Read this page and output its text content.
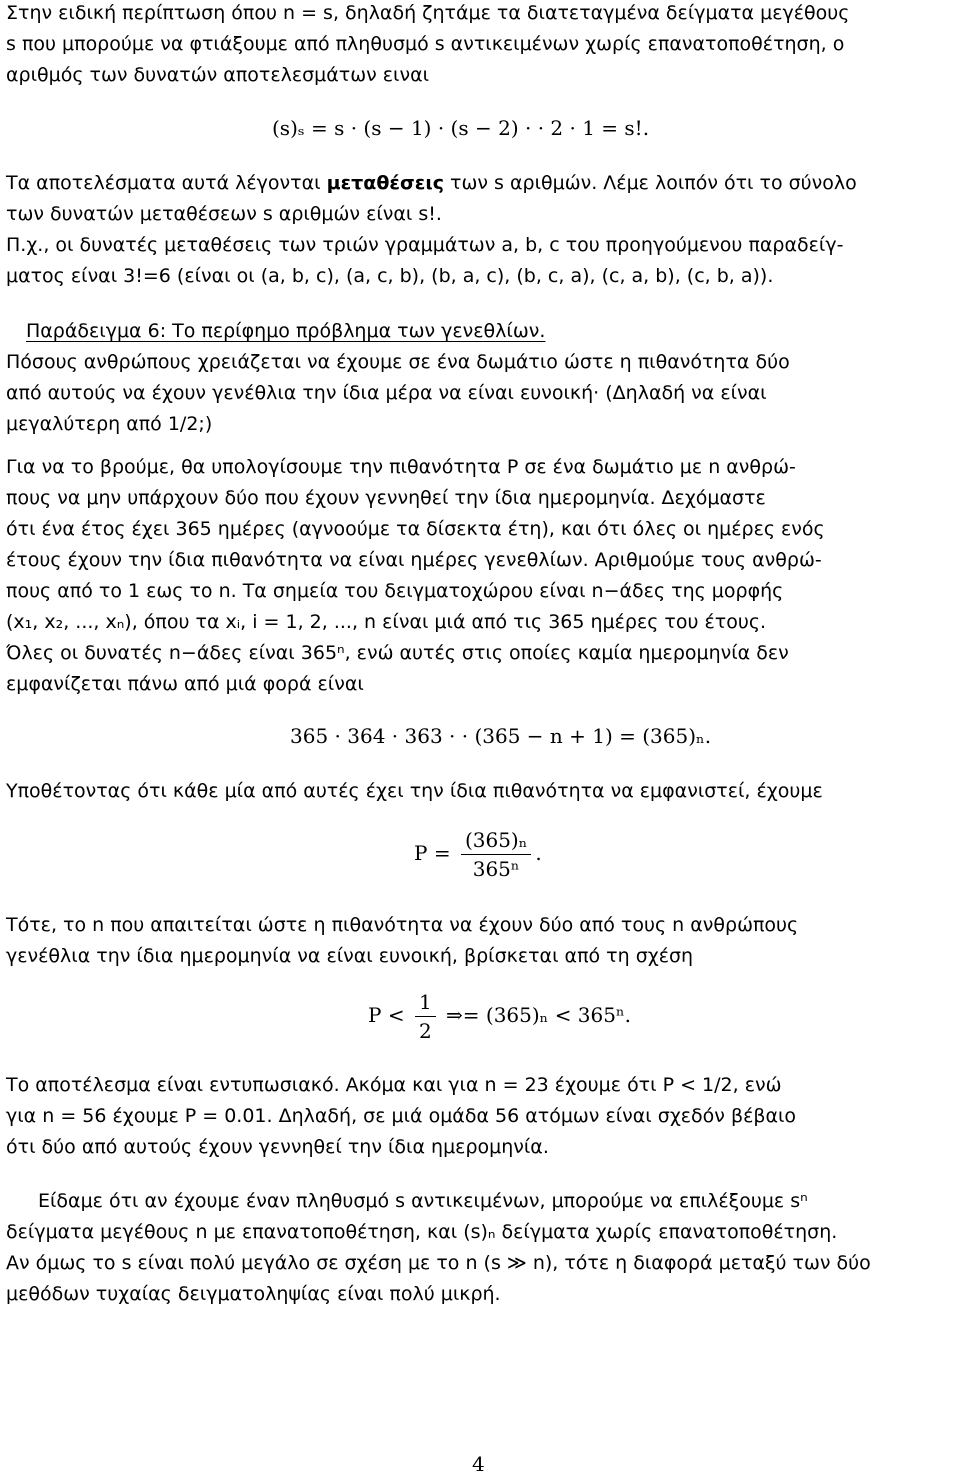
Στην ειδική περίπτωση όπου n = s, δηλαδή ζητάμε τα διατεταγμένα δείγματα μεγέθους
s που μπορούμε να φτιάξουμε από πληθυσμό s αντικειμένων χωρίς επανατοποθέτηση, ο
αριθμός των δυνατών αποτελεσμάτων ειναι
(s)ₛ = s · (s − 1) · (s − 2) · · 2 · 1 = s!.
Τα αποτελέσματα αυτά λέγονται μεταθέσεις των s αριθμών. Λέμε λοιπόν ότι το σύνολο
των δυνατών μεταθέσεων s αριθμών είναι s!.
Π.χ., οι δυνατές μεταθέσεις των τριών γραμμάτων a, b, c του προηγούμενου παραδείγ-
ματος είναι 3!=6 (είναι οι (a, b, c), (a, c, b), (b, a, c), (b, c, a), (c, a, b), (c, b, a)).
Παράδειγμα 6: Το περίφημο πρόβλημα των γενεθλίων.
Πόσους ανθρώπους χρειάζεται να έχουμε σε ένα δωμάτιο ώστε η πιθανότητα δύο
από αυτούς να έχουν γενέθλια την ίδια μέρα να είναι ευνοική· (Δηλαδή να είναι
μεγαλύτερη από 1/2;)
Για να το βρούμε, θα υπολογίσουμε την πιθανότητα P σε ένα δωμάτιο με n ανθρώ-
πους να μην υπάρχουν δύο που έχουν γεννηθεί την ίδια ημερομηνία. Δεχόμαστε
ότι ένα έτος έχει 365 ημέρες (αγνοούμε τα δίσεκτα έτη), και ότι όλες οι ημέρες ενός
έτους έχουν την ίδια πιθανότητα να είναι ημέρες γενεθλίων. Αριθμούμε τους ανθρώ-
πους από το 1 εως το n. Τα σημεία του δειγματοχώρου είναι n−άδες της μορφής
(x₁, x₂, ..., xₙ), όπου τα xᵢ, i = 1, 2, ..., n είναι μιά από τις 365 ημέρες του έτους.
Όλες οι δυνατές n−άδες είναι 365ⁿ, ενώ αυτές στις οποίες καμία ημερομηνία δεν
εμφανίζεται πάνω από μιά φορά είναι
365 · 364 · 363 · · (365 − n + 1) = (365)ₙ.
Υποθέτοντας ότι κάθε μία από αυτές έχει την ίδια πιθανότητα να εμφανιστεί, έχουμε
$P = \frac{\text{(365)ₙ}}{\text{365ⁿ}}$ .
Τότε, το n που απαιτείται ώστε η πιθανότητα να έχουν δύο από τους n ανθρώπους
γενέθλια την ίδια ημερομηνία να είναι ευνοική, βρίσκεται από τη σχέση
$P < \frac{1}{2}$ ⇒= (365)ₙ < 365ⁿ.
Το αποτέλεσμα είναι εντυπωσιακό. Ακόμα και για n = 23 έχουμε ότι P < 1/2, ενώ
για n = 56 έχουμε P = 0.01. Δηλαδή, σε μιά ομάδα 56 ατόμων είναι σχεδόν βέβαιο
ότι δύο από αυτούς έχουν γεννηθεί την ίδια ημερομηνία.
Είδαμε ότι αν έχουμε έναν πληθυσμό s αντικειμένων, μπορούμε να επιλέξουμε sⁿ
δείγματα μεγέθους n με επανατοποθέτηση, και (s)ₙ δείγματα χωρίς επανατοποθέτηση.
Αν όμως το s είναι πολύ μεγάλο σε σχέση με το n (s ≫ n), τότε η διαφορά μεταξύ των δύο
μεθόδων τυχαίας δειγματοληψίας είναι πολύ μικρή.
4
